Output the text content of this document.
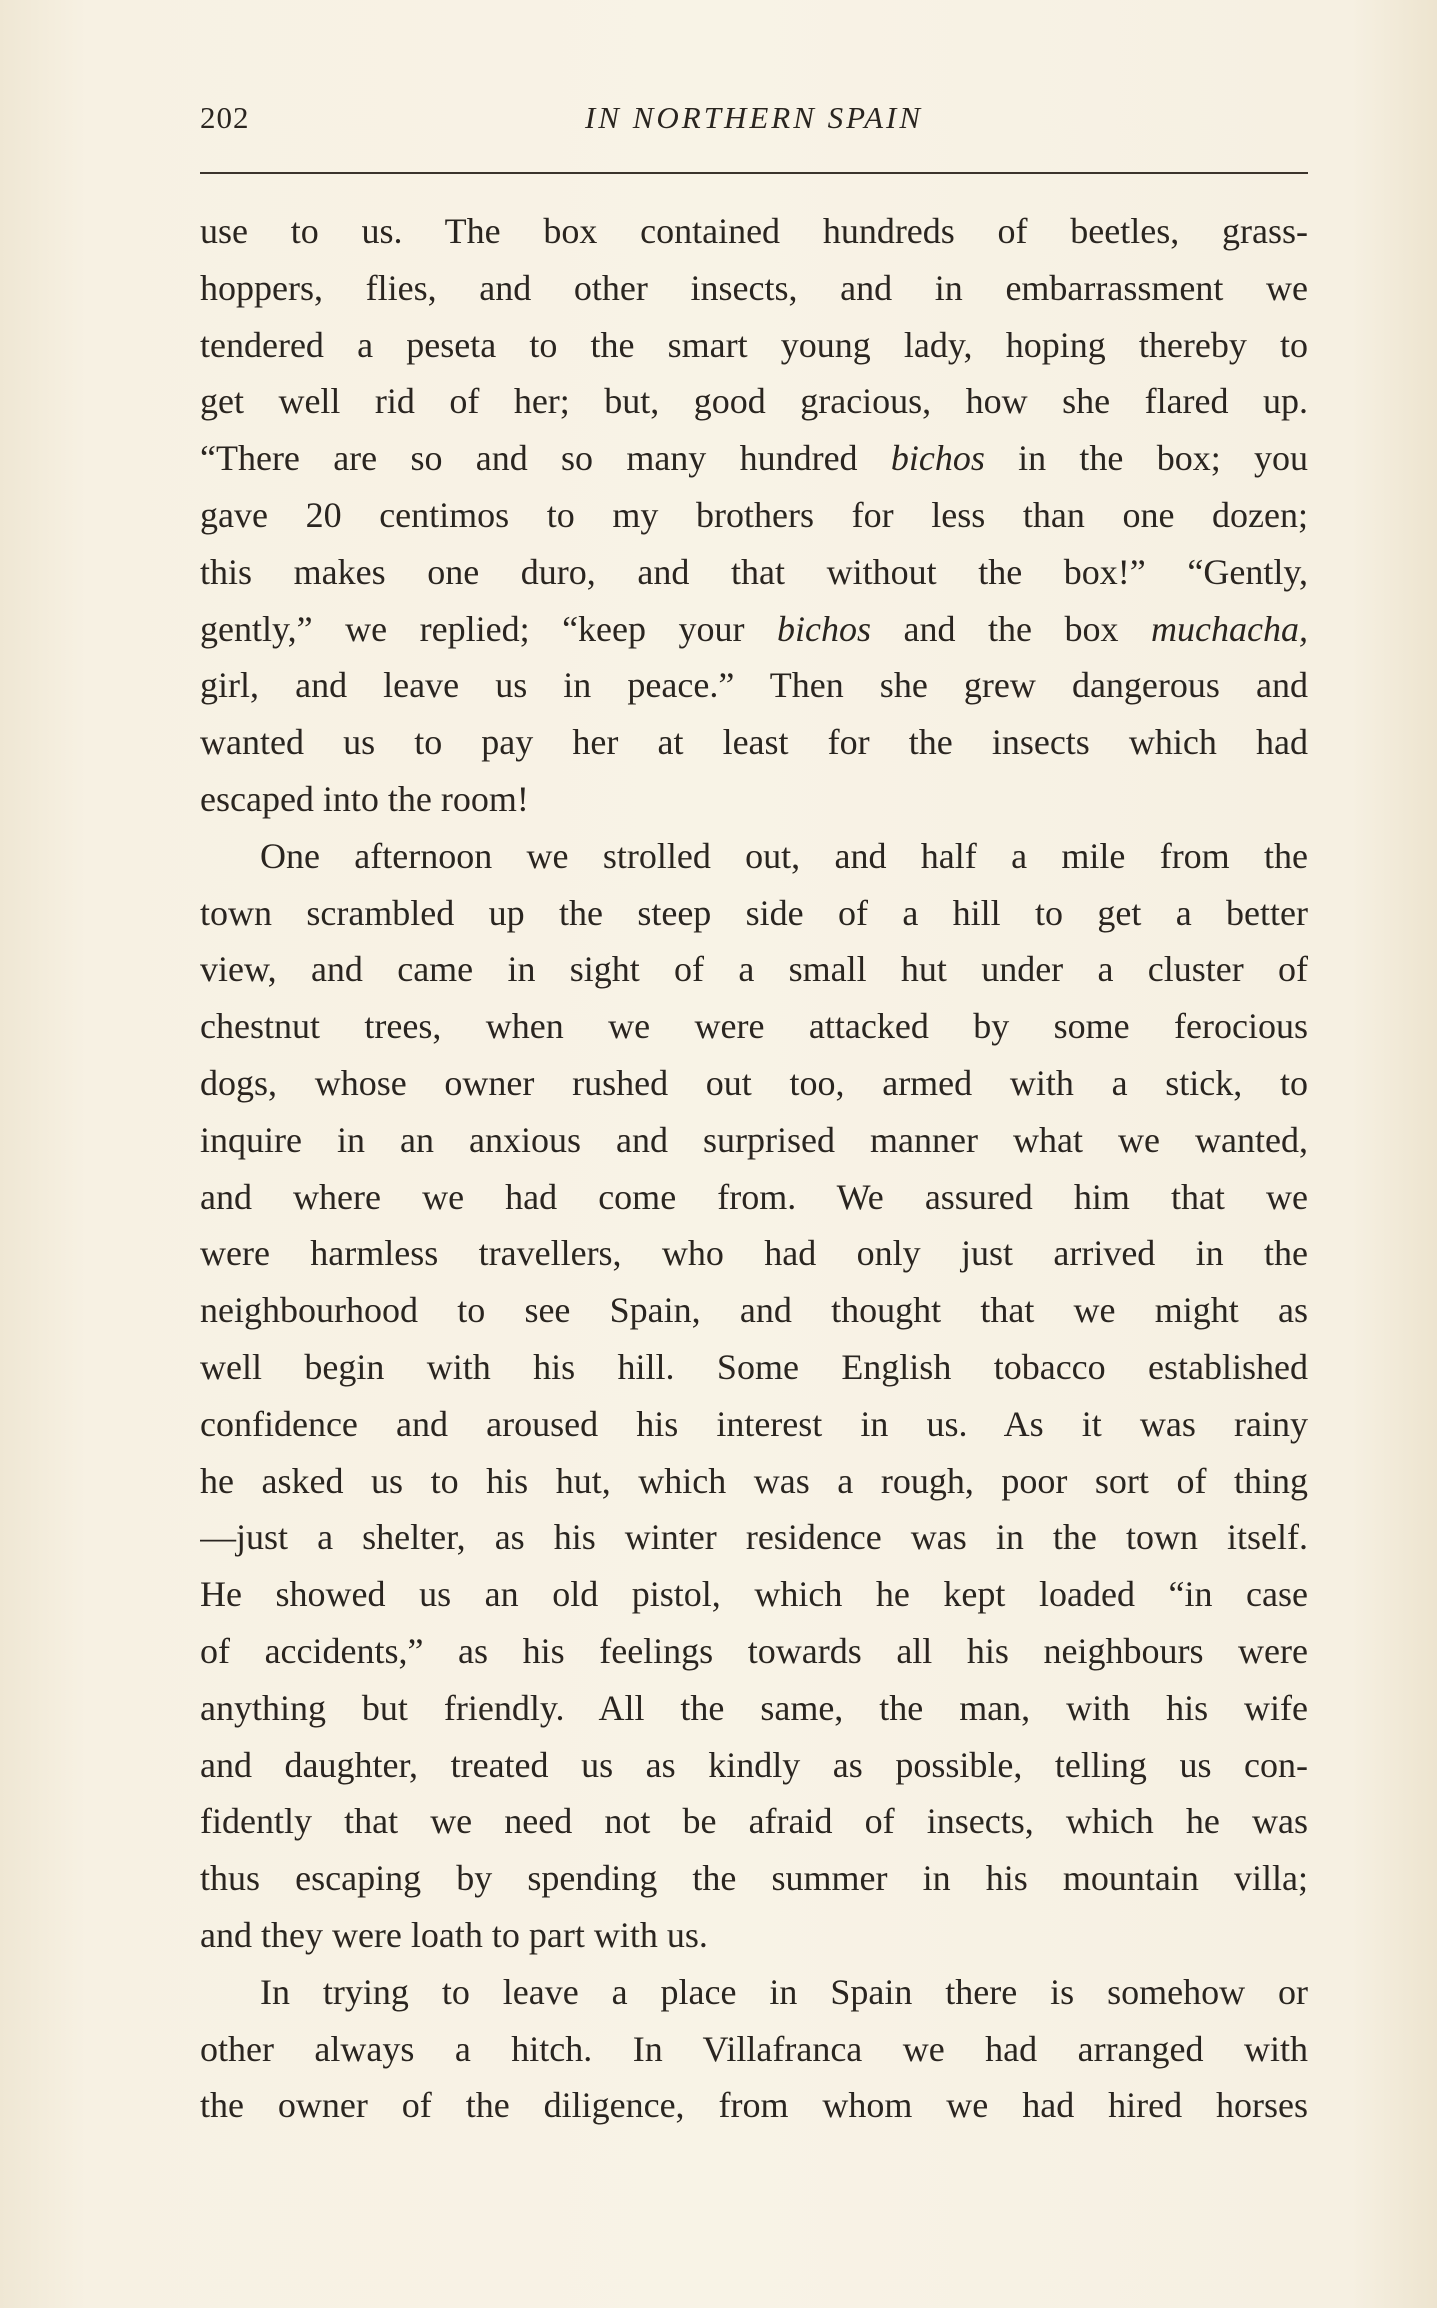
202	IN NORTHERN SPAIN
use to us. The box contained hundreds of beetles, grass-
hoppers, flies, and other insects, and in embarrassment we
tendered a peseta to the smart young lady, hoping thereby to
get well rid of her; but, good gracious, how she flared up.
“There are so and so many hundred bichos in the box; you
gave 20 centimos to my brothers for less than one dozen;
this makes one duro, and that without the box!” “Gently,
gently,” we replied; “keep your bichos and the box muchacha,
girl, and leave us in peace.” Then she grew dangerous and
wanted us to pay her at least for the insects which had
escaped into the room!
One afternoon we strolled out, and half a mile from the
town scrambled up the steep side of a hill to get a better
view, and came in sight of a small hut under a cluster of
chestnut trees, when we were attacked by some ferocious
dogs, whose owner rushed out too, armed with a stick, to
inquire in an anxious and surprised manner what we wanted,
and where we had come from. We assured him that we
were harmless travellers, who had only just arrived in the
neighbourhood to see Spain, and thought that we might as
well begin with his hill. Some English tobacco established
confidence and aroused his interest in us. As it was rainy
he asked us to his hut, which was a rough, poor sort of thing
—just a shelter, as his winter residence was in the town itself.
He showed us an old pistol, which he kept loaded “in case
of accidents,” as his feelings towards all his neighbours were
anything but friendly. All the same, the man, with his wife
and daughter, treated us as kindly as possible, telling us con-
fidently that we need not be afraid of insects, which he was
thus escaping by spending the summer in his mountain villa;
and they were loath to part with us.
In trying to leave a place in Spain there is somehow or
other always a hitch. In Villafranca we had arranged with
the owner of the diligence, from whom we had hired horses
